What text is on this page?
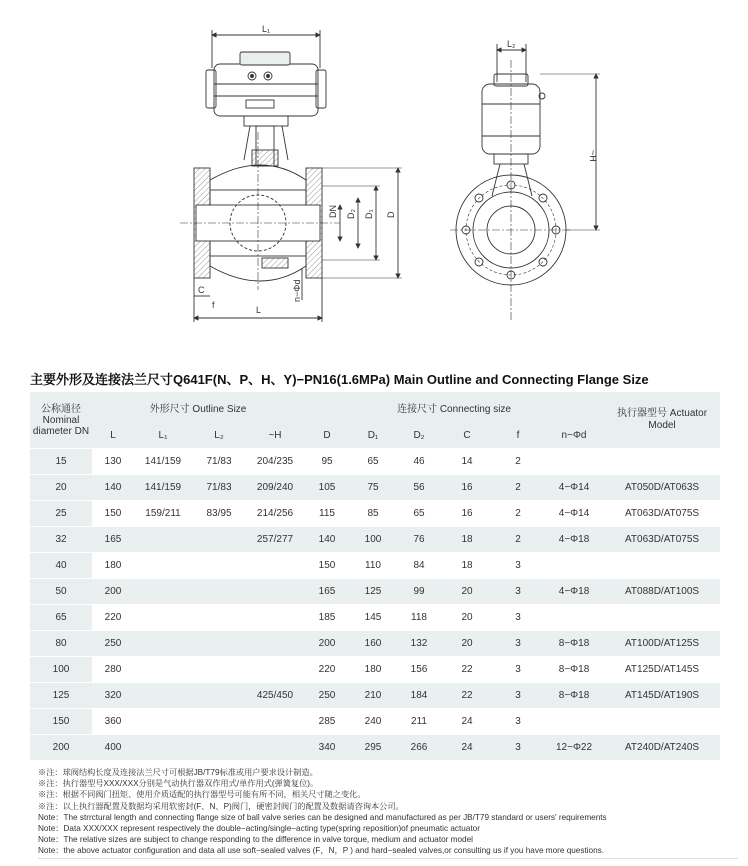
L₁
L₂
~H
L
C
f
DN D₂ D₁ D
n−Φd
主要外形及连接法兰尺寸Q641F(N、P、H、Y)−PN16(1.6MPa) Main Outline and Connecting Flange Size
公称通径 Nominal diameter DN	外形尺寸 Outline Size				连接尺寸 Connecting size						执行器型号 Actuator Model
	L	L₁	L₂	~H	D	D₁	D₂	C	f	n−Φd	
15	130	141/159	71/83	204/235	95	65	46	14	2		
20	140	141/159	71/83	209/240	105	75	56	16	2	4−Φ14	AT050D/AT063S
25	150	159/211	83/95	214/256	115	85	65	16	2	4−Φ14	AT063D/AT075S
32	165			257/277	140	100	76	18	2	4−Φ18	AT063D/AT075S
40	180				150	110	84	18	3		
50	200				165	125	99	20	3	4−Φ18	AT088D/AT100S
65	220				185	145	118	20	3		
80	250				200	160	132	20	3	8−Φ18	AT100D/AT125S
100	280				220	180	156	22	3	8−Φ18	AT125D/AT145S
125	320			425/450	250	210	184	22	3	8−Φ18	AT145D/AT190S
150	360				285	240	211	24	3		
200	400				340	295	266	24	3	12−Φ22	AT240D/AT240S
※注：球阀结构长度及连接法兰尺寸可根据JB/T79标准或用户要求设计制造。
※注：执行器型号XXX/XXX分别是气动执行器双作用式/单作用式(弹簧复位)。
※注：根据不同阀门扭矩、使用介质适配的执行器型号可能有所不同，相关尺寸随之变化。
※注：以上执行器配置及数据均采用软密封(F、N、P)阀门，硬密封阀门的配置及数据请咨询本公司。
Note：The strrctural length and connecting flange size of ball valve series can be designed and manufactured as per JB/T79 standard or users' requirements
Note：Data XXX/XXX represent respectively the double−acting/single−acting type(spring reposition)of pneumatic actuator
Note：The relative sizes are subject to change responding to the difference in valve torque, medium and actuator model
Note：the above actuator configuration and data all use soft−sealed valves (F，N，P ) and hard−sealed valves,or consulting us if you have more questions.
